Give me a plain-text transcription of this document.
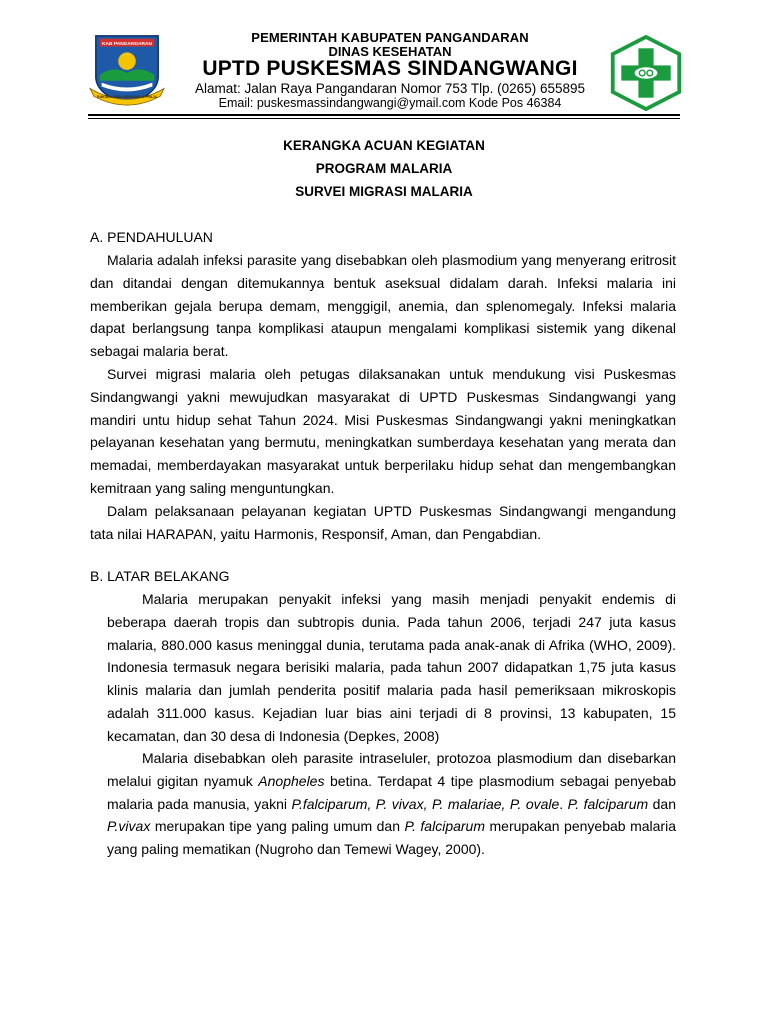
KAB PANGANDARAN
RAKSA KARSA MANGGALA PRAJA
PEMERINTAH KABUPATEN PANGANDARAN
DINAS KESEHATAN
UPTD PUSKESMAS SINDANGWANGI
Alamat: Jalan Raya Pangandaran Nomor 753 Tlp. (0265) 655895
Email: puskesmassindangwangi@ymail.com Kode Pos 46384
KERANGKA ACUAN KEGIATAN
PROGRAM MALARIA
SURVEI MIGRASI MALARIA
A. PENDAHULUAN
Malaria adalah infeksi parasite yang disebabkan oleh plasmodium yang menyerang eritrosit dan ditandai dengan ditemukannya bentuk aseksual didalam darah. Infeksi malaria ini memberikan gejala berupa demam, menggigil, anemia, dan splenomegaly. Infeksi malaria dapat berlangsung tanpa komplikasi ataupun mengalami komplikasi sistemik yang dikenal sebagai malaria berat.
Survei migrasi malaria oleh petugas dilaksanakan untuk mendukung visi Puskesmas Sindangwangi yakni mewujudkan masyarakat di UPTD Puskesmas Sindangwangi yang mandiri untu hidup sehat Tahun 2024. Misi Puskesmas Sindangwangi yakni meningkatkan pelayanan kesehatan yang bermutu, meningkatkan sumberdaya kesehatan yang merata dan memadai, memberdayakan masyarakat untuk berperilaku hidup sehat dan mengembangkan kemitraan yang saling menguntungkan.
Dalam pelaksanaan pelayanan kegiatan UPTD Puskesmas Sindangwangi mengandung tata nilai HARAPAN, yaitu Harmonis, Responsif, Aman, dan Pengabdian.
B. LATAR BELAKANG
Malaria merupakan penyakit infeksi yang masih menjadi penyakit endemis di beberapa daerah tropis dan subtropis dunia. Pada tahun 2006, terjadi 247 juta kasus malaria, 880.000 kasus meninggal dunia, terutama pada anak-anak di Afrika (WHO, 2009). Indonesia termasuk negara berisiki malaria, pada tahun 2007 didapatkan 1,75 juta kasus klinis malaria dan jumlah penderita positif malaria pada hasil pemeriksaan mikroskopis adalah 311.000 kasus. Kejadian luar bias aini terjadi di 8 provinsi, 13 kabupaten, 15 kecamatan, dan 30 desa di Indonesia (Depkes, 2008)
Malaria disebabkan oleh parasite intraseluler, protozoa plasmodium dan disebarkan melalui gigitan nyamuk Anopheles betina. Terdapat 4 tipe plasmodium sebagai penyebab malaria pada manusia, yakni P.falciparum, P. vivax, P. malariae, P. ovale. P. falciparum dan P.vivax merupakan tipe yang paling umum dan P. falciparum merupakan penyebab malaria yang paling mematikan (Nugroho dan Temewi Wagey, 2000).
